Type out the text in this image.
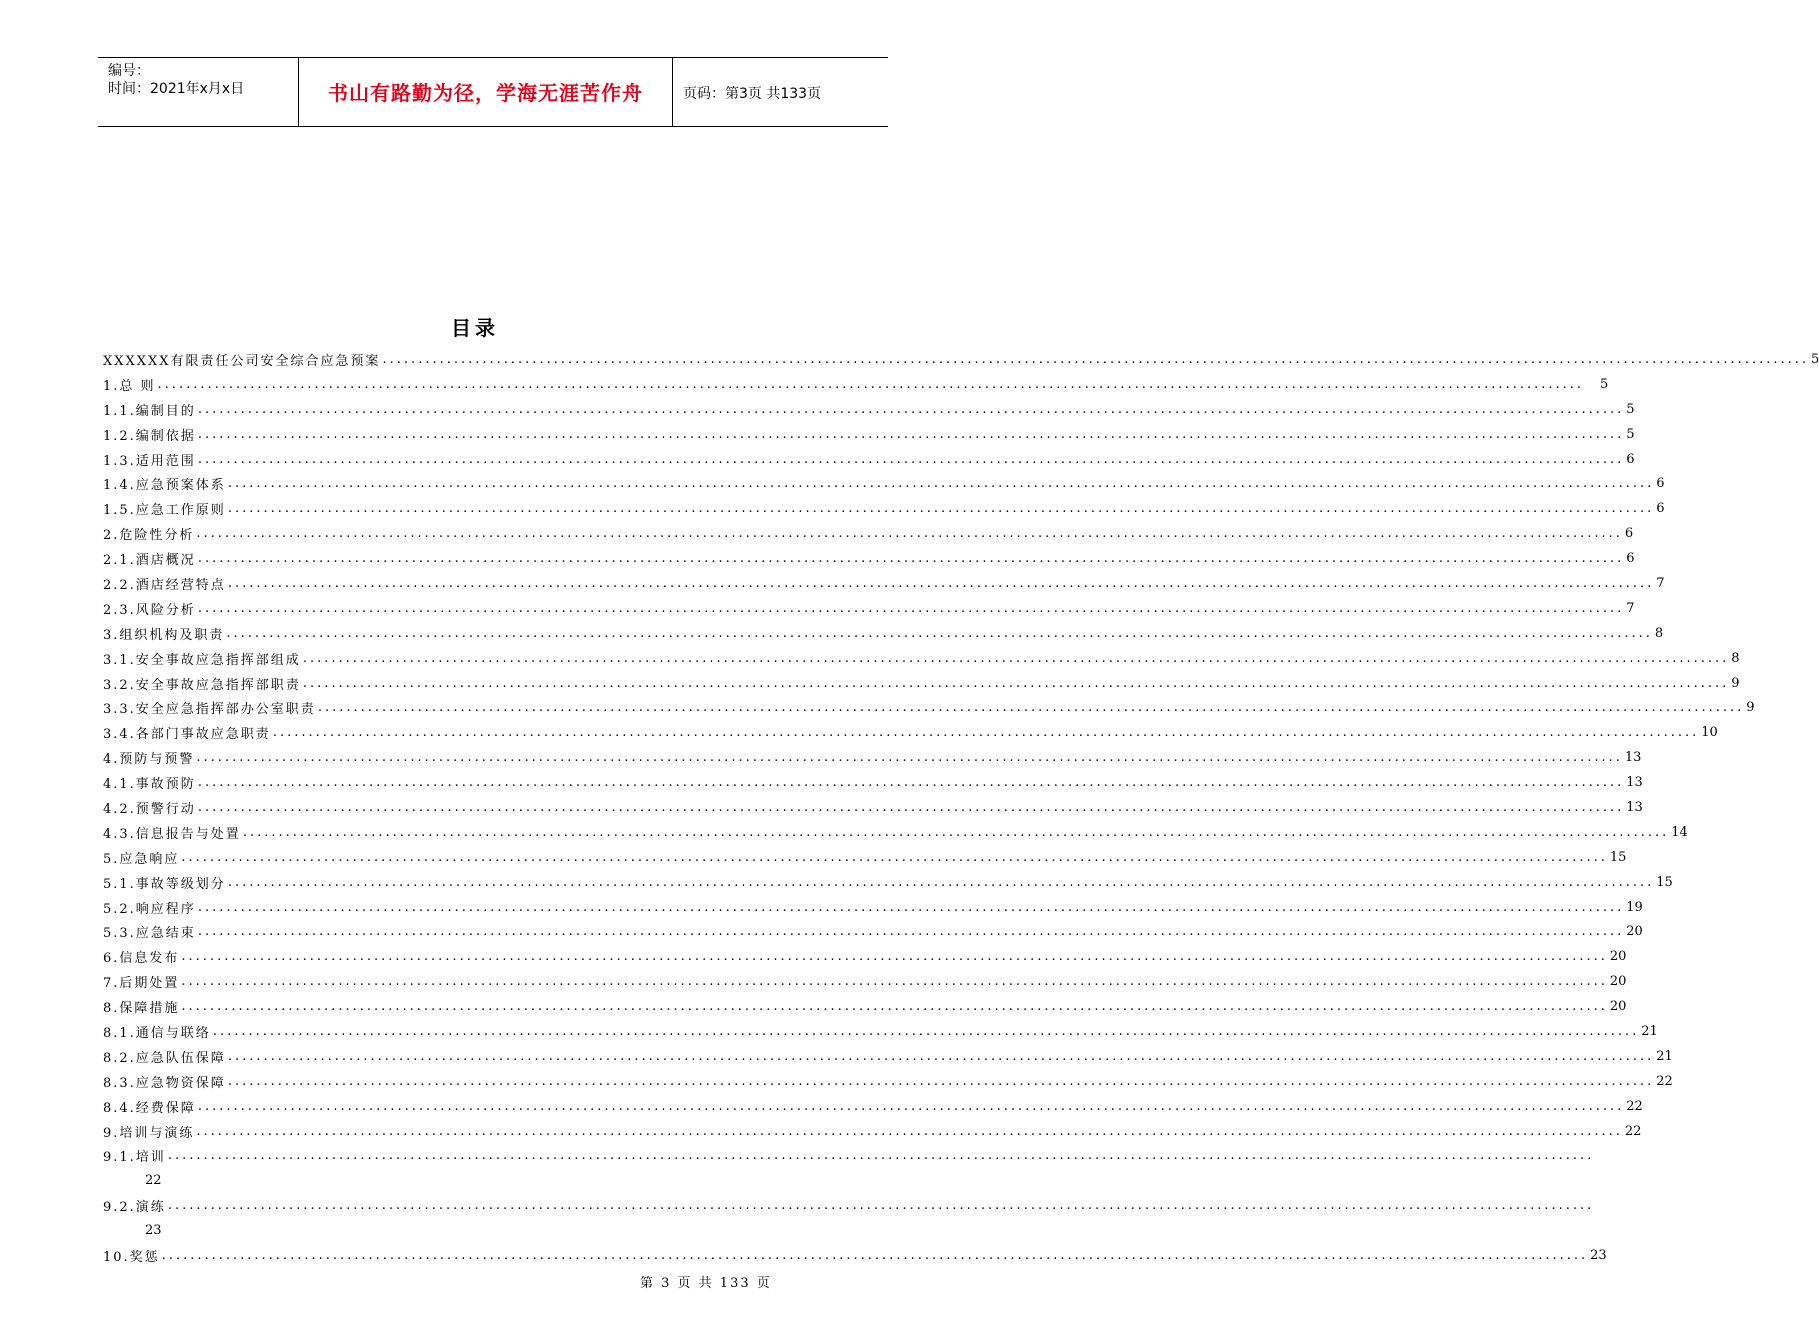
编号：
时间：2021年x月x日	书山有路勤为径，学海无涯苦作舟	页码：第3页 共133页
目录
XXXXXX有限责任公司安全综合应急预案 ........................................................................................................................................................................................................ 5
1.总 则 ........................................................................................................................................................................................................ 5
1.1.编制目的 ........................................................................................................................................................................................................ 5
1.2.编制依据 ........................................................................................................................................................................................................ 5
1.3.适用范围 ........................................................................................................................................................................................................ 6
1.4.应急预案体系 ........................................................................................................................................................................................................ 6
1.5.应急工作原则 ........................................................................................................................................................................................................ 6
2.危险性分析 ........................................................................................................................................................................................................ 6
2.1.酒店概况 ........................................................................................................................................................................................................ 6
2.2.酒店经营特点 ........................................................................................................................................................................................................ 7
2.3.风险分析 ........................................................................................................................................................................................................ 7
3.组织机构及职责 ........................................................................................................................................................................................................ 8
3.1.安全事故应急指挥部组成 ........................................................................................................................................................................................................ 8
3.2.安全事故应急指挥部职责 ........................................................................................................................................................................................................ 9
3.3.安全应急指挥部办公室职责 ........................................................................................................................................................................................................ 9
3.4.各部门事故应急职责 ........................................................................................................................................................................................................ 10
4.预防与预警 ........................................................................................................................................................................................................ 13
4.1.事故预防 ........................................................................................................................................................................................................ 13
4.2.预警行动 ........................................................................................................................................................................................................ 13
4.3.信息报告与处置 ........................................................................................................................................................................................................ 14
5.应急响应 ........................................................................................................................................................................................................ 15
5.1.事故等级划分 ........................................................................................................................................................................................................ 15
5.2.响应程序 ........................................................................................................................................................................................................ 19
5.3.应急结束 ........................................................................................................................................................................................................ 20
6.信息发布 ........................................................................................................................................................................................................ 20
7.后期处置 ........................................................................................................................................................................................................ 20
8.保障措施 ........................................................................................................................................................................................................ 20
8.1.通信与联络 ........................................................................................................................................................................................................ 21
8.2.应急队伍保障 ........................................................................................................................................................................................................ 21
8.3.应急物资保障 ........................................................................................................................................................................................................ 22
8.4.经费保障 ........................................................................................................................................................................................................ 22
9.培训与演练 ........................................................................................................................................................................................................ 22
9.1.培训 ........................................................................................................................................................................................................
22
9.2.演练 ........................................................................................................................................................................................................
23
10.奖惩 ........................................................................................................................................................................................................ 23
第 3 页 共 133 页
